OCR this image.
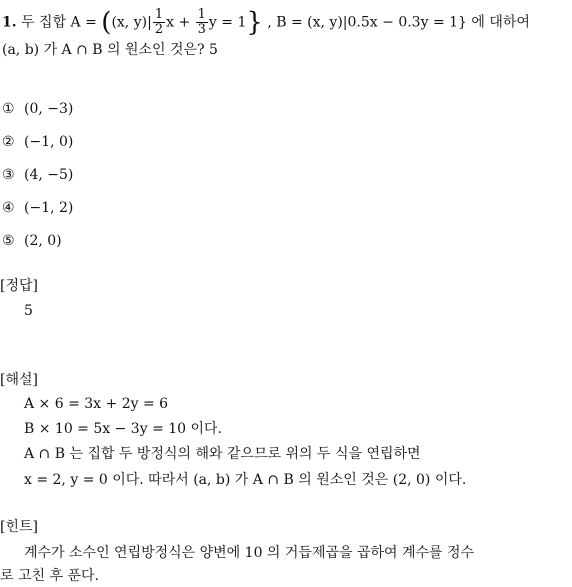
1. 두 집합 A = ((x, $y)| \frac{1}{2}$ $x + \frac{1}{3}$ y = 1} , B = (x, y)|0.5x − 0.3y = 1} 에 대하여
(a, b) 가 A ∩ B 의 원소인 것은? 5
① (0, −3)
② (−1, 0)
③ (4, −5)
④ (−1, 2)
⑤ (2, 0)
[정답]
5
[해설]
A × 6 = 3x + 2y = 6
B × 10 = 5x − 3y = 10 이다.
A ∩ B 는 집합 두 방정식의 해와 같으므로 위의 두 식을 연립하면
x = 2, y = 0 이다. 따라서 (a, b) 가 A ∩ B 의 원소인 것은 (2, 0) 이다.
[힌트]
계수가 소수인 연립방정식은 양변에 10 의 거듭제곱을 곱하여 계수를 정수
로 고친 후 푼다.
